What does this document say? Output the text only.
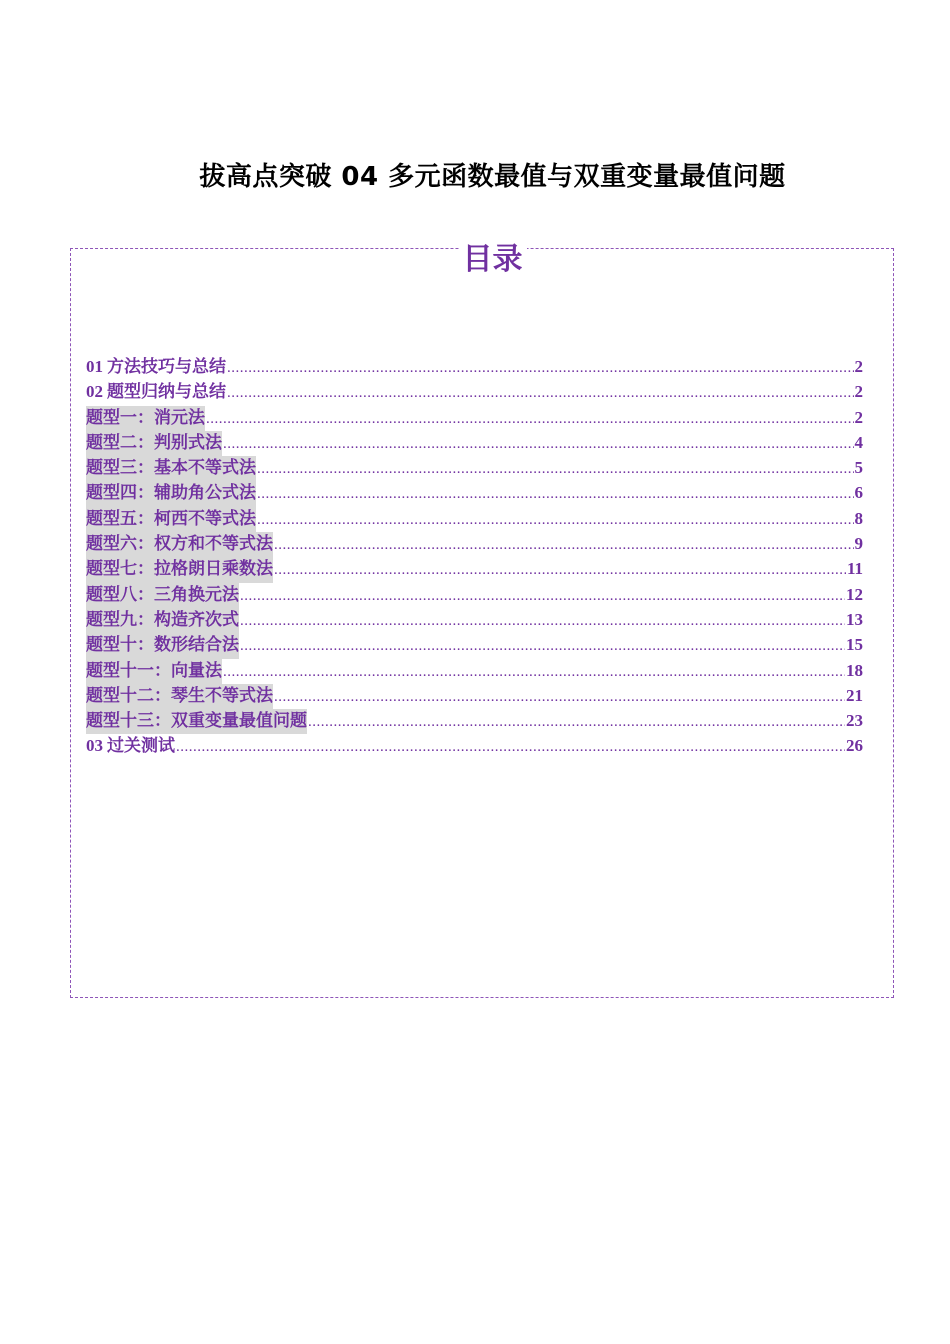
拔高点突破 04 多元函数最值与双重变量最值问题
目录
01 方法技巧与总结 .....	2
02 题型归纳与总结 .....	2
题型一：消元法 .....	2
题型二：判别式法 .....	4
题型三：基本不等式法 .....	5
题型四：辅助角公式法 .....	6
题型五：柯西不等式法 .....	8
题型六：权方和不等式法 .....	9
题型七：拉格朗日乘数法 .....	11
题型八：三角换元法 .....	12
题型九：构造齐次式 .....	13
题型十：数形结合法 .....	15
题型十一：向量法 .....	18
题型十二：琴生不等式法 .....	21
题型十三：双重变量最值问题 .....	23
03 过关测试 .....	26
